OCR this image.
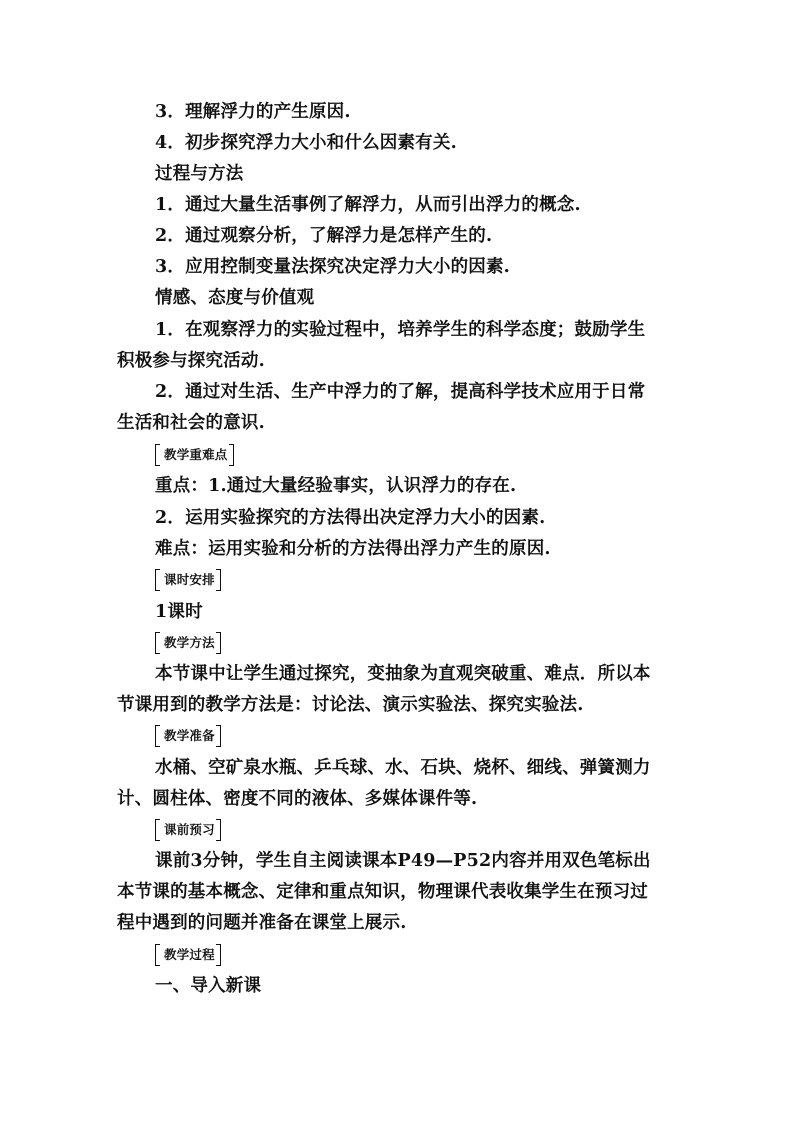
3．理解浮力的产生原因.
4．初步探究浮力大小和什么因素有关.
过程与方法
1．通过大量生活事例了解浮力，从而引出浮力的概念.
2．通过观察分析，了解浮力是怎样产生的.
3．应用控制变量法探究决定浮力大小的因素.
情感、态度与价值观
1．在观察浮力的实验过程中，培养学生的科学态度；鼓励学生
积极参与探究活动.
2．通过对生活、生产中浮力的了解，提高科学技术应用于日常
生活和社会的意识.
教学重难点
重点：1.通过大量经验事实，认识浮力的存在.
2．运用实验探究的方法得出决定浮力大小的因素.
难点：运用实验和分析的方法得出浮力产生的原因.
课时安排
1课时
教学方法
本节课中让学生通过探究，变抽象为直观突破重、难点．所以本
节课用到的教学方法是：讨论法、演示实验法、探究实验法.
教学准备
水桶、空矿泉水瓶、乒乓球、水、石块、烧杯、细线、弹簧测力
计、圆柱体、密度不同的液体、多媒体课件等.
课前预习
课前3分钟，学生自主阅读课本P49—P52内容并用双色笔标出
本节课的基本概念、定律和重点知识，物理课代表收集学生在预习过
程中遇到的问题并准备在课堂上展示.
教学过程
一、导入新课
